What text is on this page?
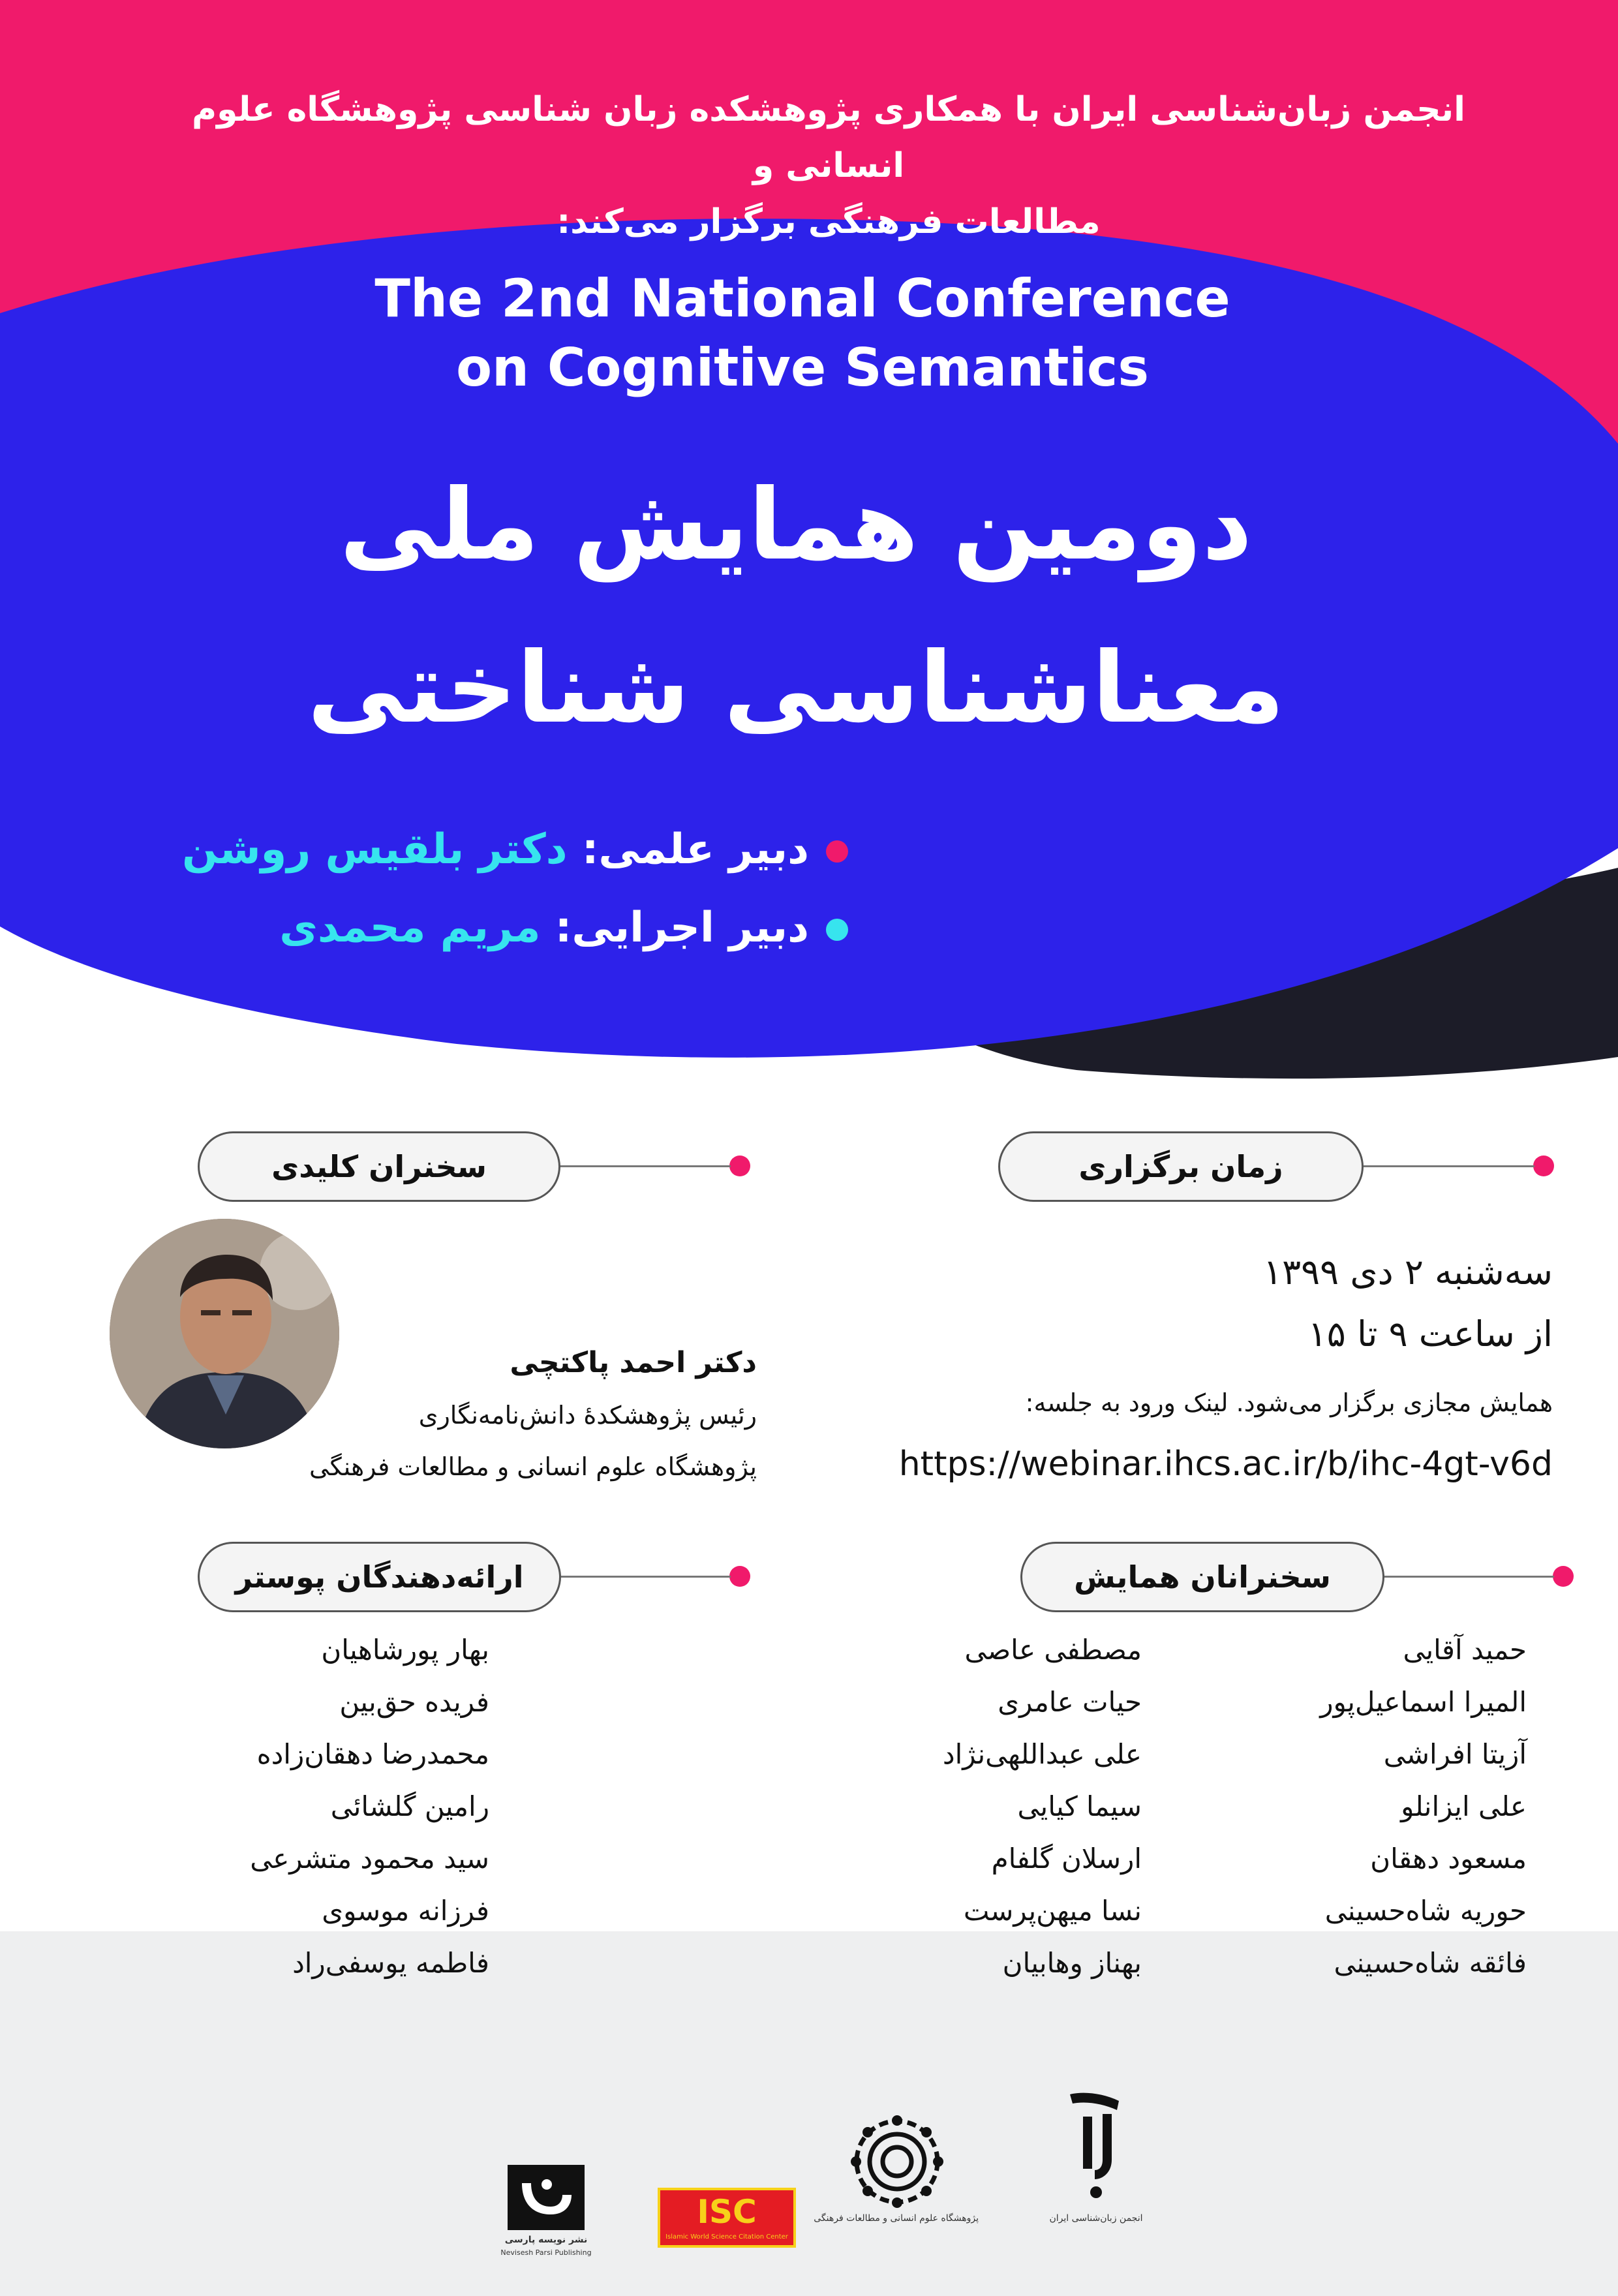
انجمن زبان‌شناسی ایران با همکاری پژوهشکده زبان شناسی پژوهشگاه علوم انسانی و
مطالعات فرهنگی برگزار می‌کند:
The 2nd National Conference
on Cognitive Semantics
دومین همایش ملی
معناشناسی شناختی
دبیر علمی: دکتر بلقیس روشن
دبیر اجرایی: مریم محمدی
زمان برگزاری
سه‌شنبه ۲ دی ۱۳۹۹
از ساعت ۹ تا ۱۵
همایش مجازی برگزار می‌شود. لینک ورود به جلسه:
https://webinar.ihcs.ac.ir/b/ihc-4gt-v6d
سخنران کلیدی
دکتر احمد پاکتچی
رئیس پژوهشکدهٔ دانش‌نامه‌نگاری
پژوهشگاه علوم انسانی و مطالعات فرهنگی
سخنرانان همایش
حمید آقایی
المیرا اسماعیل‌پور
آزیتا افراشی
علی ایزانلو
مسعود دهقان
حوریه شاه‌حسینی
فائقه شاه‌حسینی
مصطفی عاصی
حیات عامری
علی عبداللهی‌نژاد
سیما کیایی
ارسلان گلفام
نسا میهن‌پرست
بهناز وهابیان
ارائه‌دهندگان پوستر
بهار پورشاهیان
فریده حق‌بین
محمدرضا دهقان‌زاده
رامین گلشائی
سید محمود متشرعی
فرزانه موسوی
فاطمه یوسفی‌راد
انجمن زبان‌شناسی ایران
پژوهشگاه علوم انسانی و مطالعات فرهنگی
ISC
Islamic World Science Citation Center
نشر نویسه پارسی
Nevisesh Parsi Publishing
